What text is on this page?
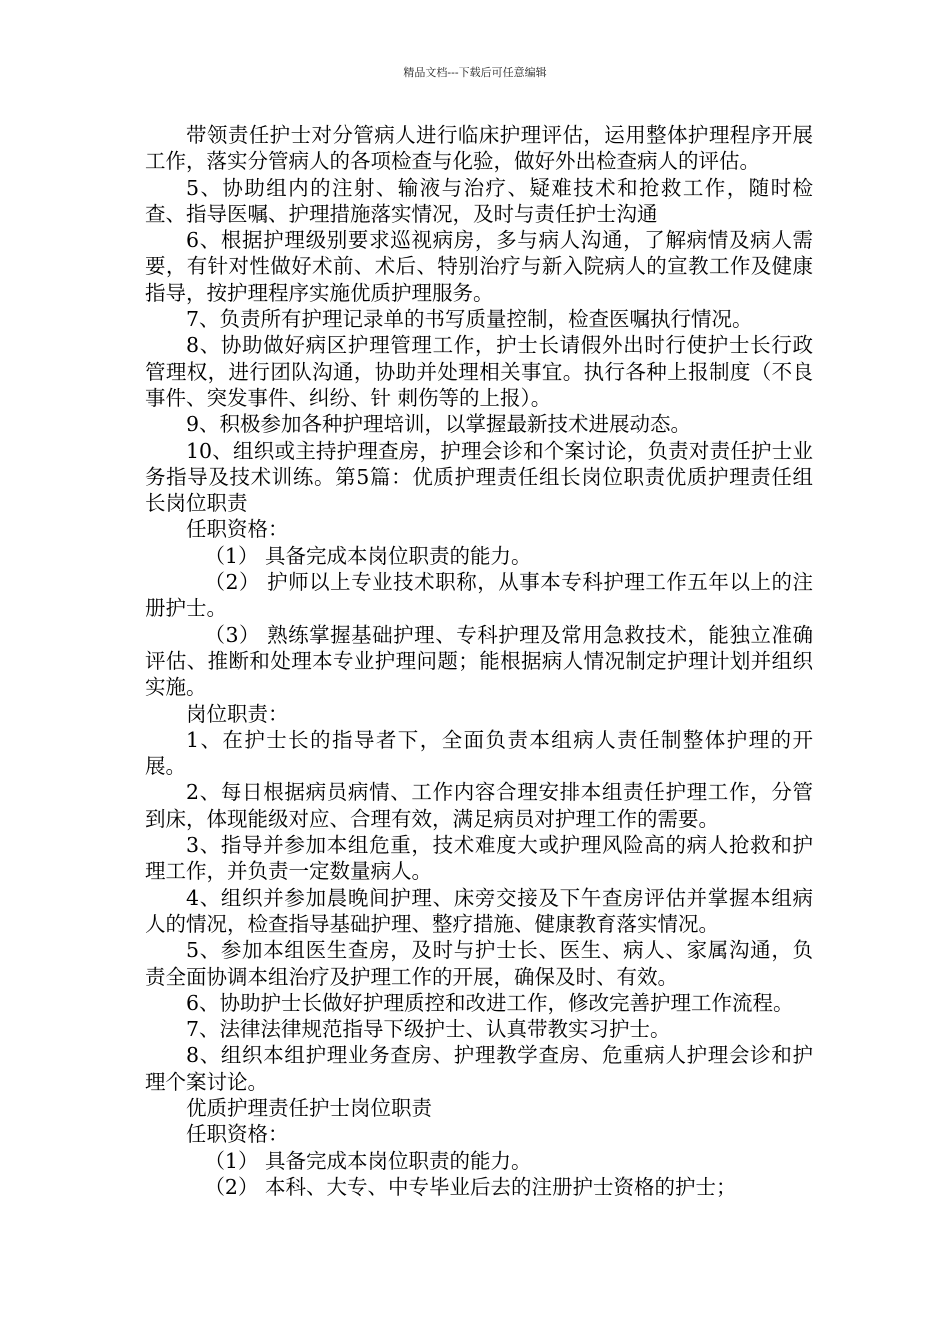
精品文档---下载后可任意编辑

带领责任护士对分管病人进行临床护理评估，运用整体护理程序开展工作，落实分管病人的各项检查与化验，做好外出检查病人的评估。

5、协助组内的注射、输液与治疗、疑难技术和抢救工作，随时检查、指导医嘱、护理措施落实情况，及时与责任护士沟通

6、根据护理级别要求巡视病房，多与病人沟通，了解病情及病人需要，有针对性做好术前、术后、特别治疗与新入院病人的宣教工作及健康指导，按护理程序实施优质护理服务。

7、负责所有护理记录单的书写质量控制，检查医嘱执行情况。

8、协助做好病区护理管理工作，护士长请假外出时行使护士长行政管理权，进行团队沟通，协助并处理相关事宜。执行各种上报制度（不良事件、突发事件、纠纷、针 刺伤等的上报）。

9、积极参加各种护理培训，以掌握最新技术进展动态。

10、组织或主持护理查房，护理会诊和个案讨论，负责对责任护士业务指导及技术训练。第5篇：优质护理责任组长岗位职责优质护理责任组长岗位职责

任职资格：

（1） 具备完成本岗位职责的能力。

（2） 护师以上专业技术职称，从事本专科护理工作五年以上的注册护士。

（3） 熟练掌握基础护理、专科护理及常用急救技术，能独立准确评估、推断和处理本专业护理问题；能根据病人情况制定护理计划并组织实施。

岗位职责：

1、在护士长的指导者下，全面负责本组病人责任制整体护理的开展。

2、每日根据病员病情、工作内容合理安排本组责任护理工作，分管到床，体现能级对应、合理有效，满足病员对护理工作的需要。

3、指导并参加本组危重，技术难度大或护理风险高的病人抢救和护理工作，并负责一定数量病人。

4、组织并参加晨晚间护理、床旁交接及下午查房评估并掌握本组病人的情况，检查指导基础护理、整疗措施、健康教育落实情况。

5、参加本组医生查房，及时与护士长、医生、病人、家属沟通，负责全面协调本组治疗及护理工作的开展，确保及时、有效。

6、协助护士长做好护理质控和改进工作，修改完善护理工作流程。

7、法律法律规范指导下级护士、认真带教实习护士。

8、组织本组护理业务查房、护理教学查房、危重病人护理会诊和护理个案讨论。

优质护理责任护士岗位职责

任职资格：

（1） 具备完成本岗位职责的能力。

（2） 本科、大专、中专毕业后去的注册护士资格的护士；
